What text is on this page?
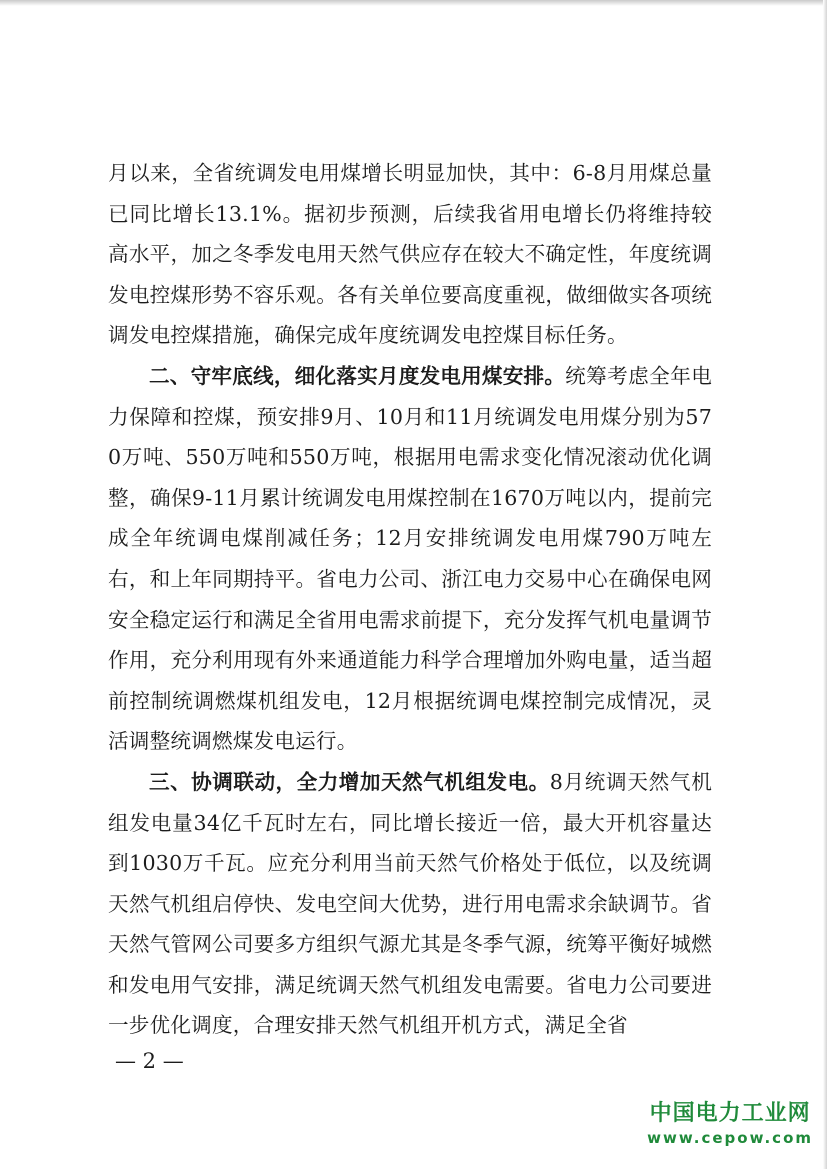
月以来，全省统调发电用煤增长明显加快，其中：6-8月用煤总量已同比增长13.1%。据初步预测，后续我省用电增长仍将维持较高水平，加之冬季发电用天然气供应存在较大不确定性，年度统调发电控煤形势不容乐观。各有关单位要高度重视，做细做实各项统调发电控煤措施，确保完成年度统调发电控煤目标任务。

二、守牢底线，细化落实月度发电用煤安排。统筹考虑全年电力保障和控煤，预安排9月、10月和11月统调发电用煤分别为570万吨、550万吨和550万吨，根据用电需求变化情况滚动优化调整，确保9-11月累计统调发电用煤控制在1670万吨以内，提前完成全年统调电煤削减任务；12月安排统调发电用煤790万吨左右，和上年同期持平。省电力公司、浙江电力交易中心在确保电网安全稳定运行和满足全省用电需求前提下，充分发挥气机电量调节作用，充分利用现有外来通道能力科学合理增加外购电量，适当超前控制统调燃煤机组发电，12月根据统调电煤控制完成情况，灵活调整统调燃煤发电运行。

三、协调联动，全力增加天然气机组发电。8月统调天然气机组发电量34亿千瓦时左右，同比增长接近一倍，最大开机容量达到1030万千瓦。应充分利用当前天然气价格处于低位，以及统调天然气机组启停快、发电空间大优势，进行用电需求余缺调节。省天然气管网公司要多方组织气源尤其是冬季气源，统筹平衡好城燃和发电用气安排，满足统调天然气机组发电需要。省电力公司要进一步优化调度，合理安排天然气机组开机方式，满足全省

— 2 —
中国电力工业网
www.cepow.com
